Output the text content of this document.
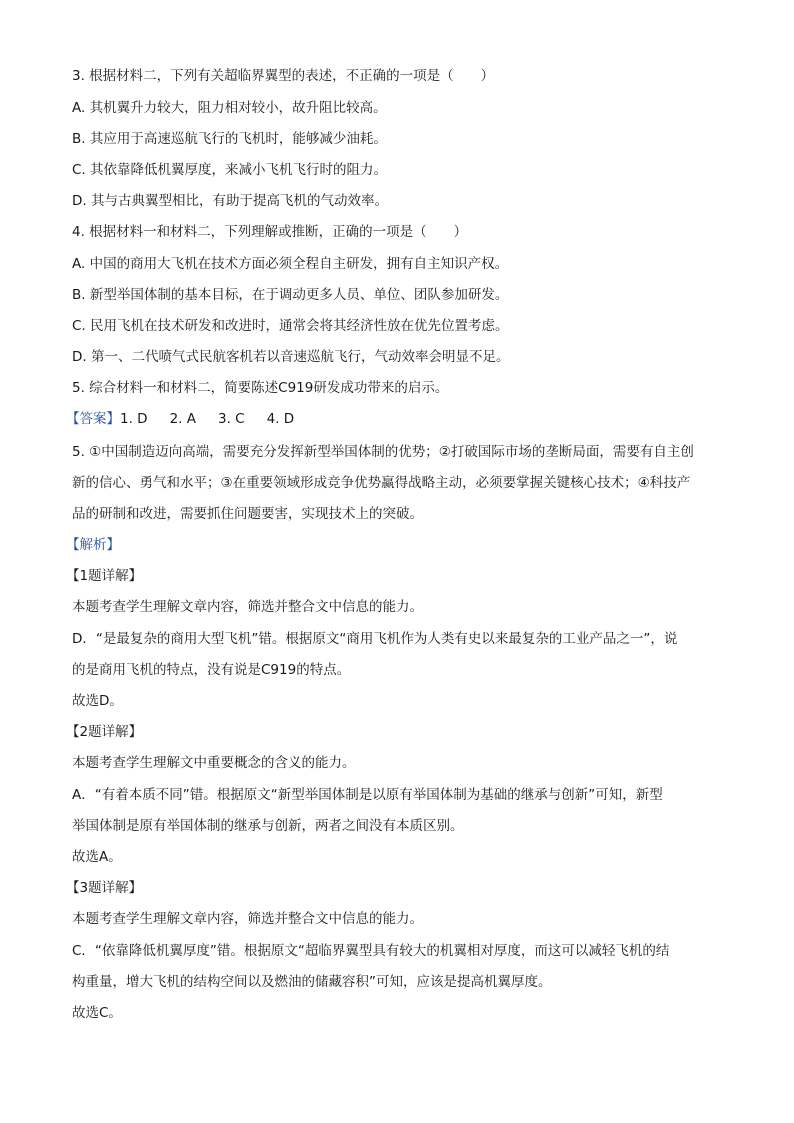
3. 根据材料二，下列有关超临界翼型的表述，不正确的一项是（　　）
A. 其机翼升力较大，阻力相对较小，故升阻比较高。
B. 其应用于高速巡航飞行的飞机时，能够减少油耗。
C. 其依靠降低机翼厚度，来减小飞机飞行时的阻力。
D. 其与古典翼型相比，有助于提高飞机的气动效率。
4. 根据材料一和材料二，下列理解或推断，正确的一项是（　　）
A. 中国的商用大飞机在技术方面必须全程自主研发，拥有自主知识产权。
B. 新型举国体制的基本目标，在于调动更多人员、单位、团队参加研发。
C. 民用飞机在技术研发和改进时，通常会将其经济性放在优先位置考虑。
D. 第一、二代喷气式民航客机若以音速巡航飞行，气动效率会明显不足。
5. 综合材料一和材料二，简要陈述C919研发成功带来的启示。
【答案】1. D 2. A 3. C 4. D
5. ①中国制造迈向高端，需要充分发挥新型举国体制的优势；②打破国际市场的垄断局面，需要有自主创
新的信心、勇气和水平；③在重要领域形成竞争优势赢得战略主动，必须要掌握关键核心技术；④科技产
品的研制和改进，需要抓住问题要害，实现技术上的突破。
【解析】
【1题详解】
本题考查学生理解文章内容，筛选并整合文中信息的能力。
D．“是最复杂的商用大型飞机”错。根据原文“商用飞机作为人类有史以来最复杂的工业产品之一”，说
的是商用飞机的特点，没有说是C919的特点。
故选D。
【2题详解】
本题考查学生理解文中重要概念的含义的能力。
A．“有着本质不同”错。根据原文“新型举国体制是以原有举国体制为基础的继承与创新”可知，新型
举国体制是原有举国体制的继承与创新，两者之间没有本质区别。
故选A。
【3题详解】
本题考查学生理解文章内容，筛选并整合文中信息的能力。
C．“依靠降低机翼厚度”错。根据原文“超临界翼型具有较大的机翼相对厚度，而这可以减轻飞机的结
构重量，增大飞机的结构空间以及燃油的储藏容积”可知，应该是提高机翼厚度。
故选C。
